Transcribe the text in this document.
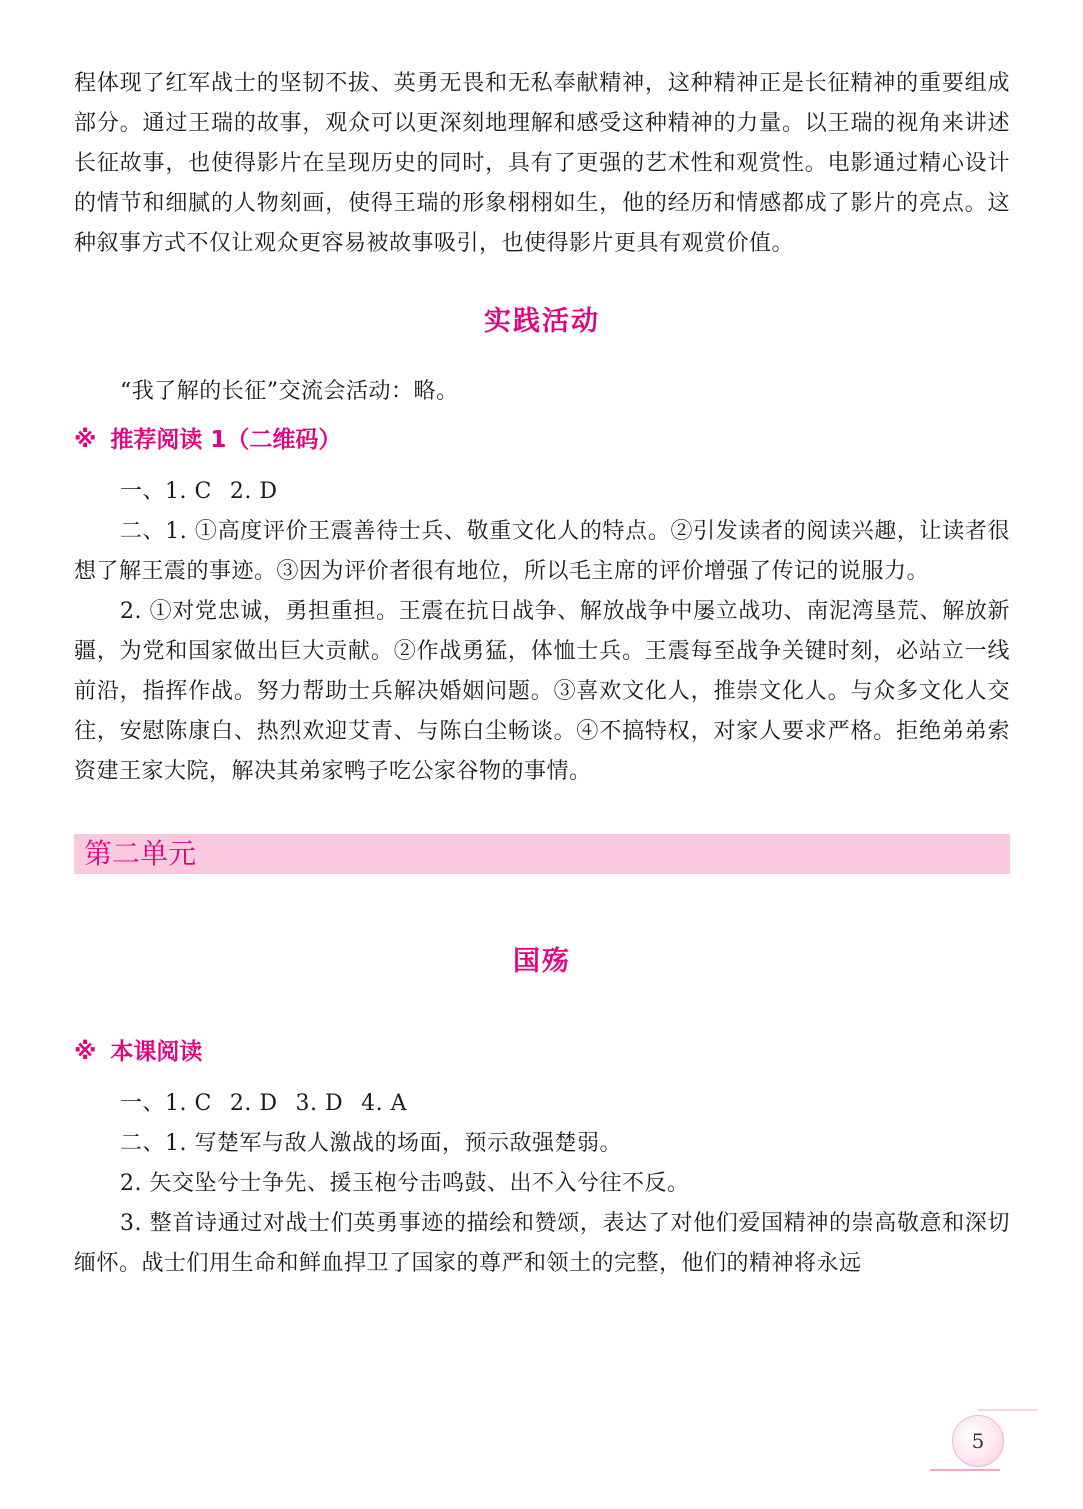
程体现了红军战士的坚韧不拔、英勇无畏和无私奉献精神，这种精神正是长征精神的重要组成部分。通过王瑞的故事，观众可以更深刻地理解和感受这种精神的力量。以王瑞的视角来讲述长征故事，也使得影片在呈现历史的同时，具有了更强的艺术性和观赏性。电影通过精心设计的情节和细腻的人物刻画，使得王瑞的形象栩栩如生，他的经历和情感都成了影片的亮点。这种叙事方式不仅让观众更容易被故事吸引，也使得影片更具有观赏价值。

实践活动

“我了解的长征”交流会活动：略。

※ 推荐阅读 1（二维码）

一、1. C 2. D

二、1. ①高度评价王震善待士兵、敬重文化人的特点。②引发读者的阅读兴趣，让读者很想了解王震的事迹。③因为评价者很有地位，所以毛主席的评价增强了传记的说服力。

2. ①对党忠诚，勇担重担。王震在抗日战争、解放战争中屡立战功、南泥湾垦荒、解放新疆，为党和国家做出巨大贡献。②作战勇猛，体恤士兵。王震每至战争关键时刻，必站立一线前沿，指挥作战。努力帮助士兵解决婚姻问题。③喜欢文化人，推崇文化人。与众多文化人交往，安慰陈康白、热烈欢迎艾青、与陈白尘畅谈。④不搞特权，对家人要求严格。拒绝弟弟索资建王家大院，解决其弟家鸭子吃公家谷物的事情。

第二单元
国殇
※ 本课阅读

一、1. C 2. D 3. D 4. A

二、1. 写楚军与敌人激战的场面，预示敌强楚弱。

2. 矢交坠兮士争先、援玉枹兮击鸣鼓、出不入兮往不反。

3. 整首诗通过对战士们英勇事迹的描绘和赞颂，表达了对他们爱国精神的崇高敬意和深切缅怀。战士们用生命和鲜血捍卫了国家的尊严和领土的完整，他们的精神将永远

5
